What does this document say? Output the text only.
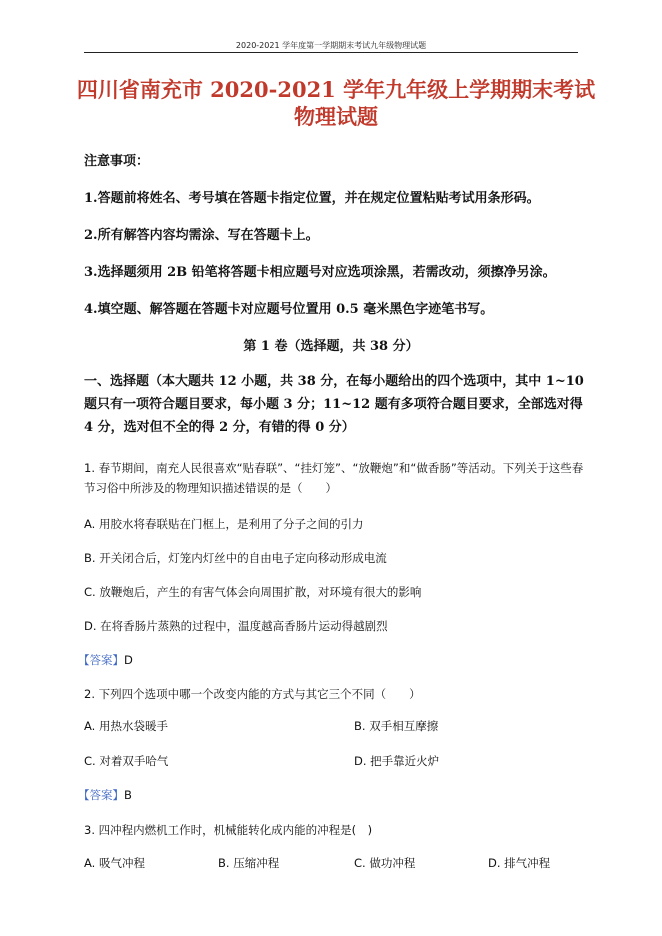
2020-2021 学年度第一学期期末考试九年级物理试题
四川省南充市 2020-2021 学年九年级上学期期末考试物理试题
注意事项：
1.答题前将姓名、考号填在答题卡指定位置，并在规定位置粘贴考试用条形码。
2.所有解答内容均需涂、写在答题卡上。
3.选择题须用 2B 铅笔将答题卡相应题号对应选项涂黑，若需改动，须擦净另涂。
4.填空题、解答题在答题卡对应题号位置用 0.5 毫米黑色字迹笔书写。
第 1 卷（选择题，共 38 分）
一、选择题（本大题共 12 小题，共 38 分，在每小题给出的四个选项中，其中 1~10 题只有一项符合题目要求，每小题 3 分；11~12 题有多项符合题目要求，全部选对得 4 分，选对但不全的得 2 分，有错的得 0 分）
1. 春节期间，南充人民很喜欢“贴春联”、“挂灯笼”、“放鞭炮”和“做香肠”等活动。下列关于这些春节习俗中所涉及的物理知识描述错误的是（　　）
A. 用胶水将春联贴在门框上，是利用了分子之间的引力
B. 开关闭合后，灯笼内灯丝中的自由电子定向移动形成电流
C. 放鞭炮后，产生的有害气体会向周围扩散，对环境有很大的影响
D. 在将香肠片蒸熟的过程中，温度越高香肠片运动得越剧烈
【答案】D
2. 下列四个选项中哪一个改变内能的方式与其它三个不同（　　）
A. 用热水袋暖手	B. 双手相互摩擦
C. 对着双手哈气	D. 把手靠近火炉
【答案】B
3. 四冲程内燃机工作时，机械能转化成内能的冲程是(　)
A. 吸气冲程	B. 压缩冲程	C. 做功冲程	D. 排气冲程
